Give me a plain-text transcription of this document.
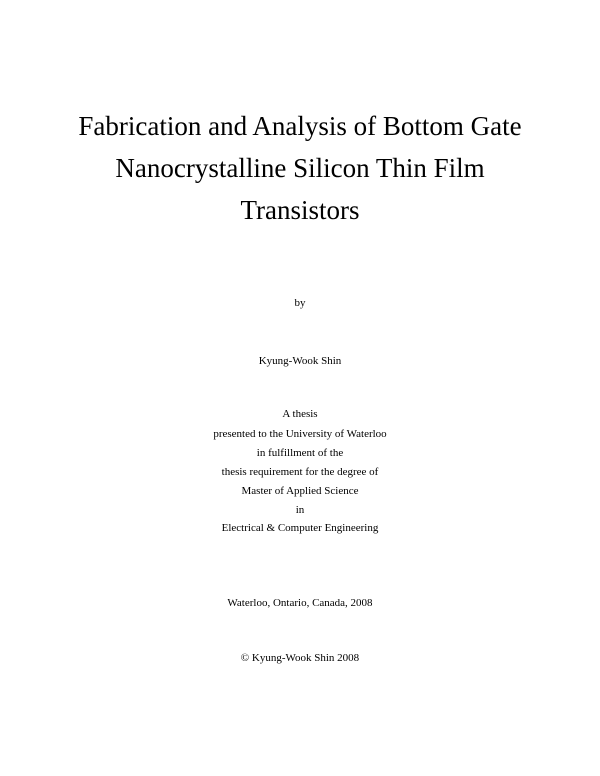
Fabrication and Analysis of Bottom Gate
Nanocrystalline Silicon Thin Film
Transistors
by
Kyung-Wook Shin
A thesis
presented to the University of Waterloo
in fulfillment of the
thesis requirement for the degree of
Master of Applied Science
in
Electrical & Computer Engineering
Waterloo, Ontario, Canada, 2008
© Kyung-Wook Shin 2008
